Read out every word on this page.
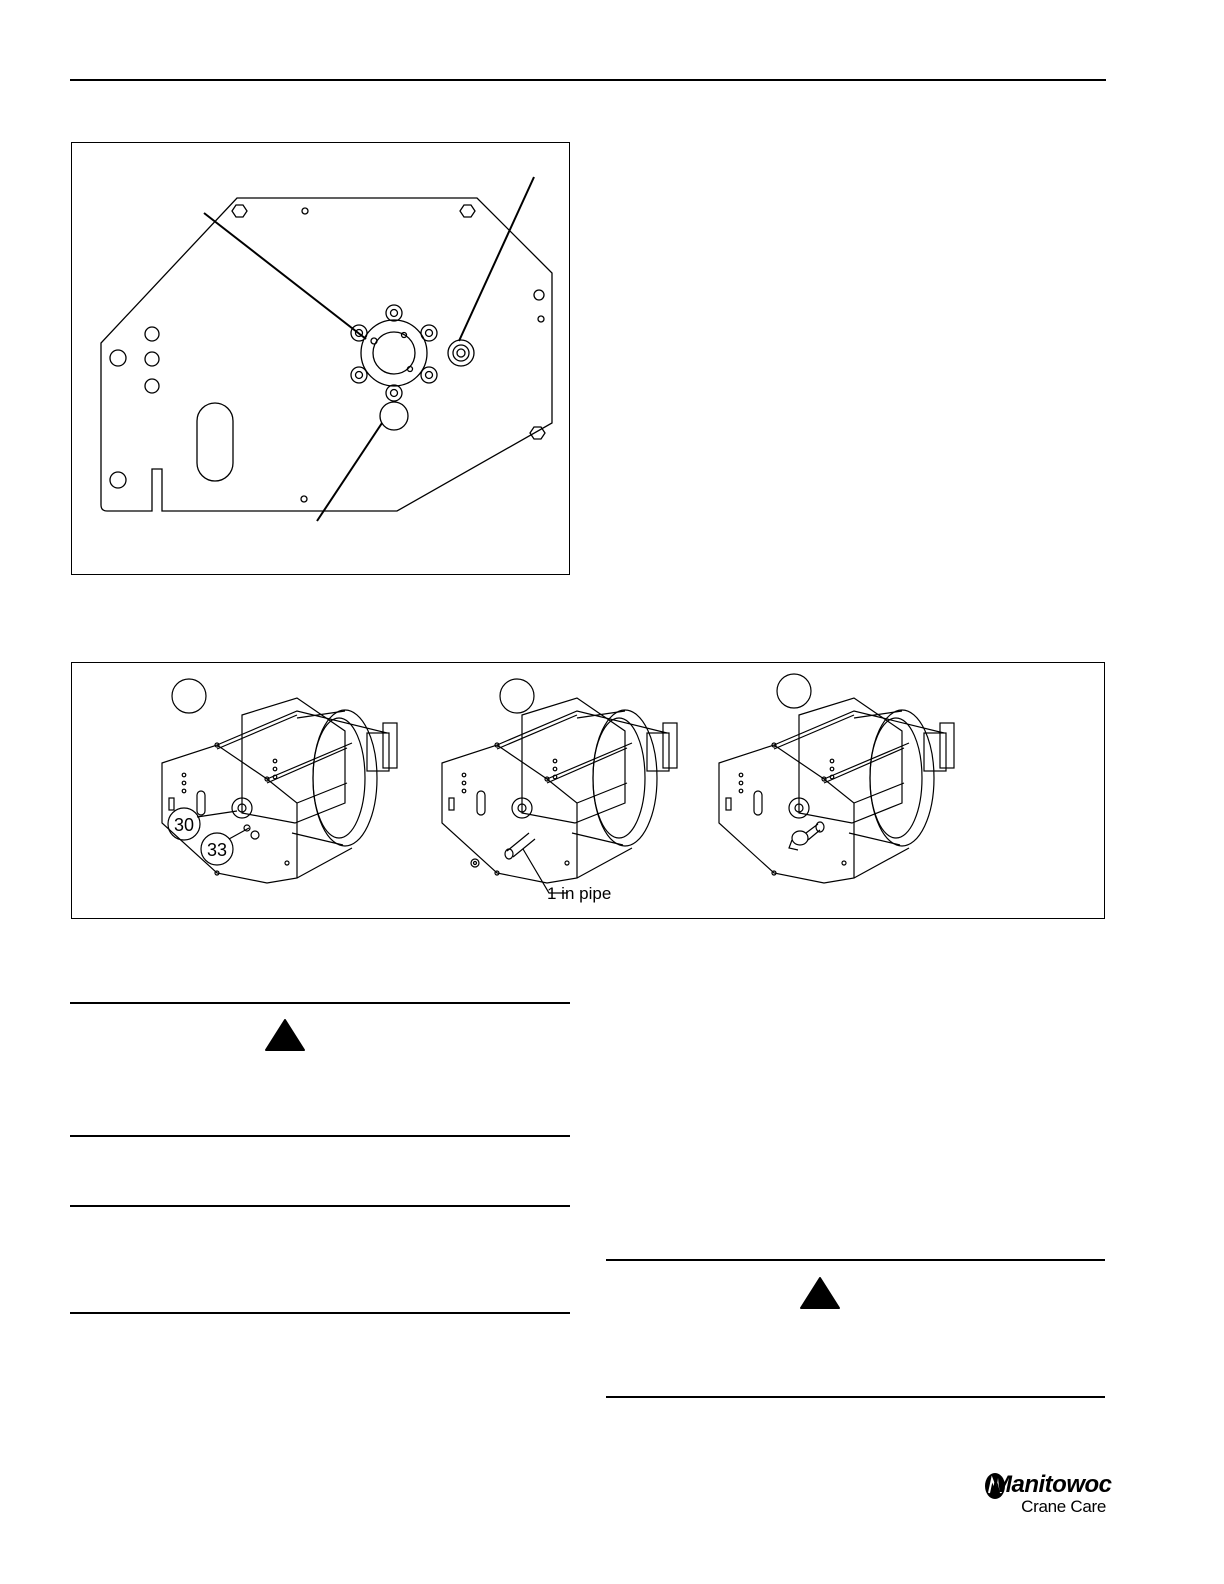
30
33
1 in pipe
Manitowoc
Crane Care
